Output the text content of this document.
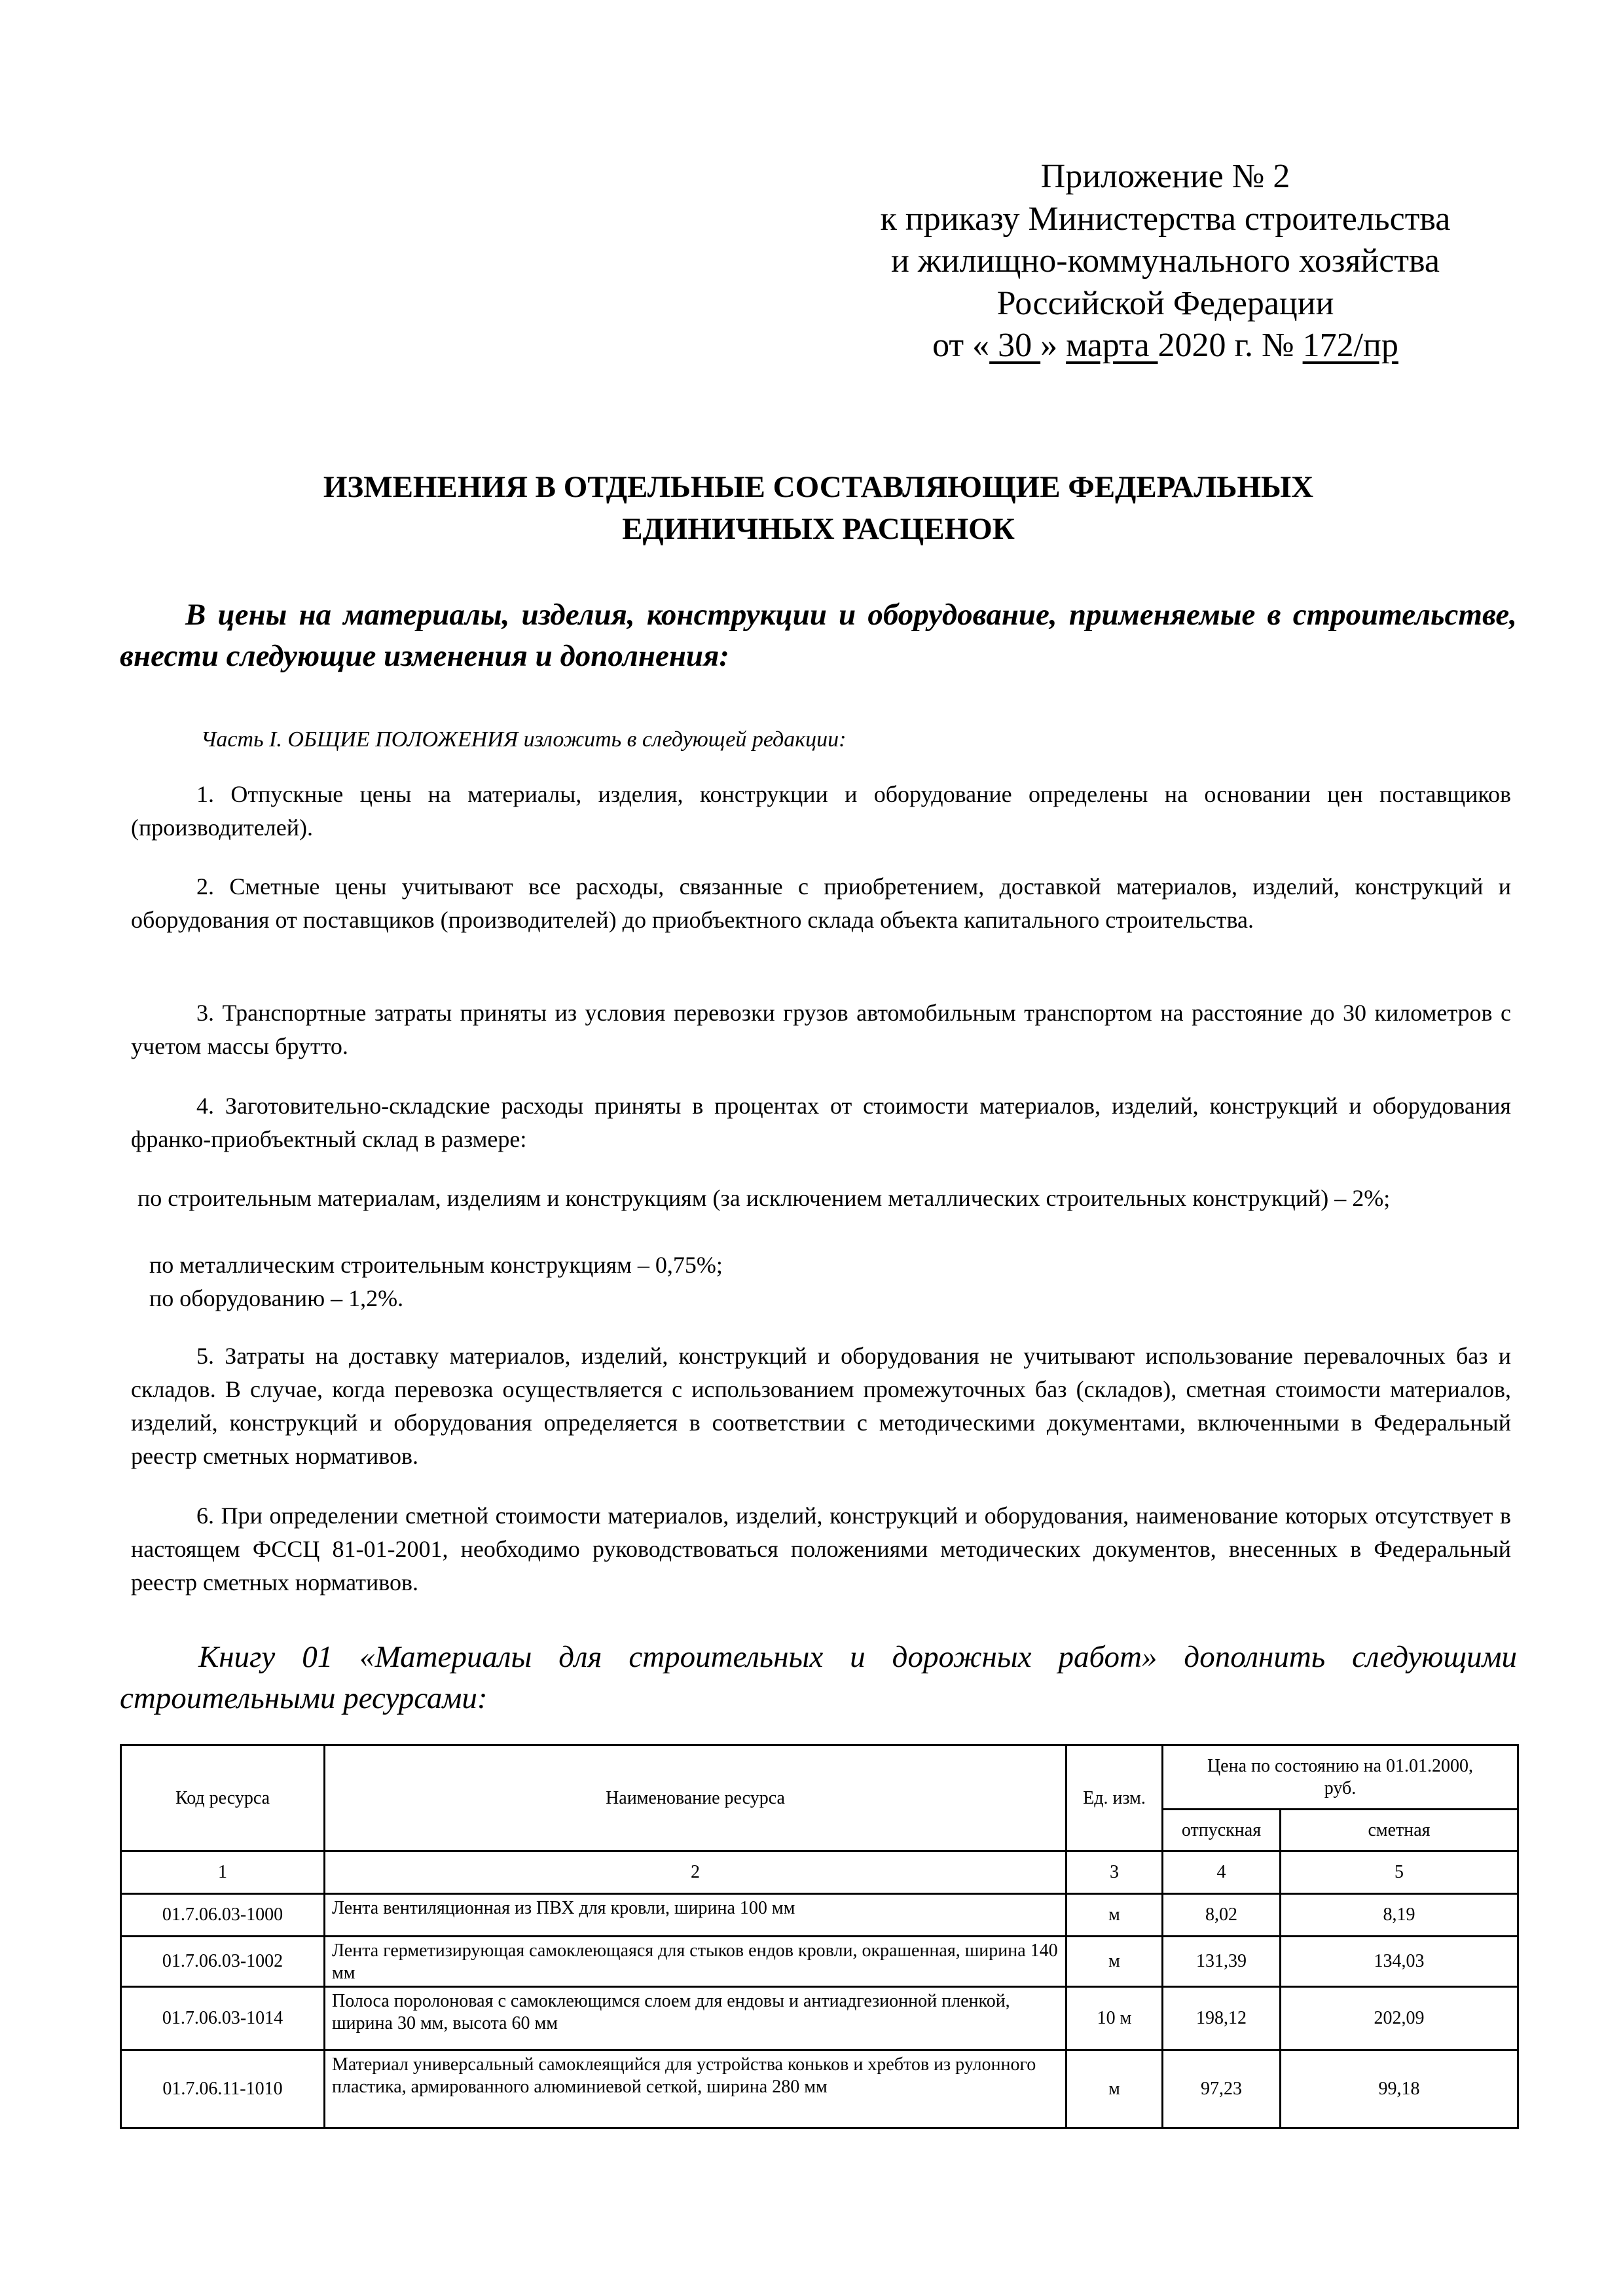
Приложение № 2
к приказу Министерства строительства
и жилищно-коммунального хозяйства
Российской Федерации
от « 30 » марта 2020 г. № 172/пр
ИЗМЕНЕНИЯ В ОТДЕЛЬНЫЕ СОСТАВЛЯЮЩИЕ ФЕДЕРАЛЬНЫХ
ЕДИНИЧНЫХ РАСЦЕНОК
В цены на материалы, изделия, конструкции и оборудование, применяемые в строительстве, внести следующие изменения и дополнения:
Часть I. ОБЩИЕ ПОЛОЖЕНИЯ изложить в следующей редакции:
1. Отпускные цены на материалы, изделия, конструкции и оборудование определены на основании цен поставщиков (производителей).
2. Сметные цены учитывают все расходы, связанные с приобретением, доставкой материалов, изделий, конструкций и оборудования от поставщиков (производителей) до приобъектного склада объекта капитального строительства.
3. Транспортные затраты приняты из условия перевозки грузов автомобильным транспортом на расстояние до 30 километров с учетом массы брутто.
4. Заготовительно-складские расходы приняты в процентах от стоимости материалов, изделий, конструкций и оборудования франко-приобъектный склад в размере:
по строительным материалам, изделиям и конструкциям (за исключением металлических строительных конструкций) – 2%;
по металлическим строительным конструкциям – 0,75%;
по оборудованию – 1,2%.
5. Затраты на доставку материалов, изделий, конструкций и оборудования не учитывают использование перевалочных баз и складов. В случае, когда перевозка осуществляется с использованием промежуточных баз (складов), сметная стоимости материалов, изделий, конструкций и оборудования определяется в соответствии с методическими документами, включенными в Федеральный реестр сметных нормативов.
6. При определении сметной стоимости материалов, изделий, конструкций и оборудования, наименование которых отсутствует в настоящем ФССЦ 81-01-2001, необходимо руководствоваться положениями методических документов, внесенных в Федеральный реестр сметных нормативов.
Книгу 01 «Материалы для строительных и дорожных работ» дополнить следующими строительными ресурсами:
Код ресурса	Наименование ресурса	Ед. изм.	Цена по состоянию на 01.01.2000, руб.	
			отпускная	сметная
1	2	3	4	5
01.7.06.03-1000	Лента вентиляционная из ПВХ для кровли, ширина 100 мм	м	8,02	8,19
01.7.06.03-1002	Лента герметизирующая самоклеющаяся для стыков ендов кровли, окрашенная, ширина 140 мм	м	131,39	134,03
01.7.06.03-1014	Полоса поролоновая с самоклеющимся слоем для ендовы и антиадгезионной пленкой, ширина 30 мм, высота 60 мм	10 м	198,12	202,09
01.7.06.11-1010	Материал универсальный самоклеящийся для устройства коньков и хребтов из рулонного пластика, армированного алюминиевой сеткой, ширина 280 мм	м	97,23	99,18
